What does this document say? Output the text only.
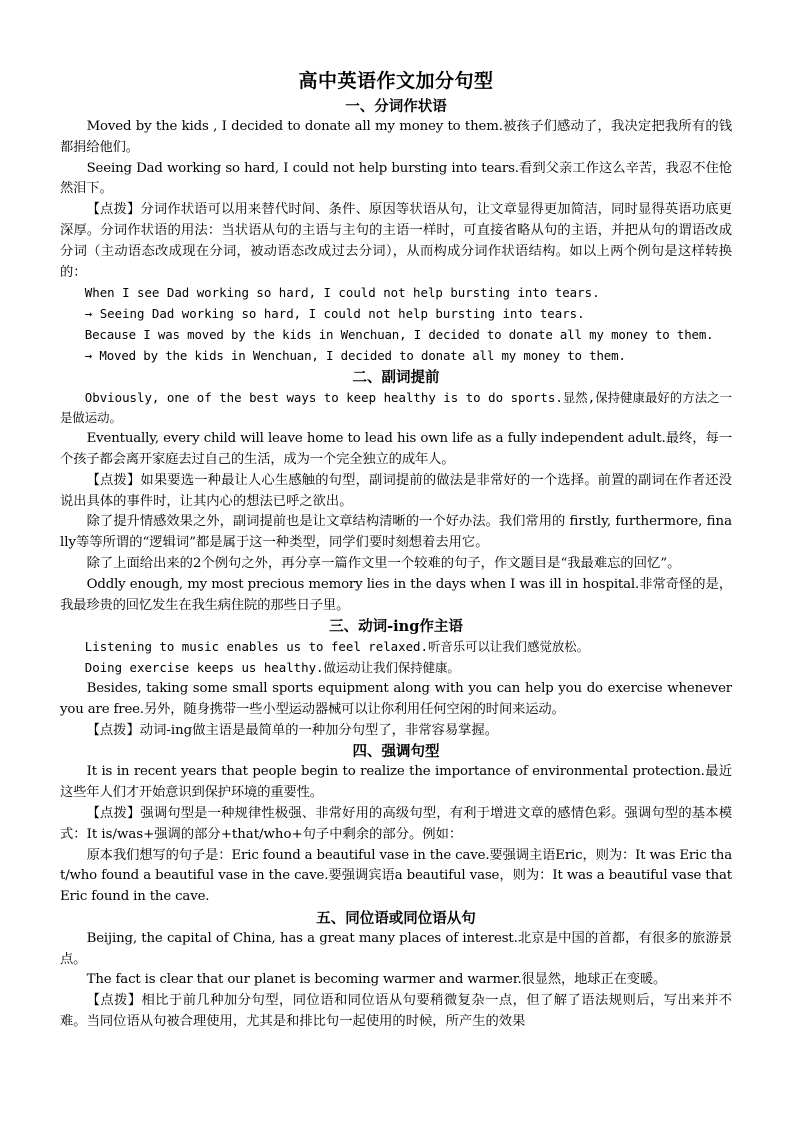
高中英语作文加分句型
一、分词作状语

Moved by the kids , I decided to donate all my money to them.被孩子们感动了，我决定把我所有的钱都捐给他们。

Seeing Dad working so hard, I could not help bursting into tears.看到父亲工作这么辛苦，我忍不住怆然泪下。

【点拨】分词作状语可以用来替代时间、条件、原因等状语从句，让文章显得更加简洁，同时显得英语功底更深厚。分词作状语的用法：当状语从句的主语与主句的主语一样时，可直接省略从句的主语，并把从句的谓语改成分词（主动语态改成现在分词，被动语态改成过去分词），从而构成分词作状语结构。如以上两个例句是这样转换的：

When I see Dad working so hard, I could not help bursting into tears.

→ Seeing Dad working so hard, I could not help bursting into tears.

Because I was moved by the kids in Wenchuan, I decided to donate all my money to them.

→ Moved by the kids in Wenchuan, I decided to donate all my money to them.

二、副词提前

Obviously, one of the best ways to keep healthy is to do sports.显然,保持健康最好的方法之一是做运动。

Eventually, every child will leave home to lead his own life as a fully independent adult.最终，每一个孩子都会离开家庭去过自己的生活，成为一个完全独立的成年人。

【点拨】如果要选一种最让人心生感触的句型，副词提前的做法是非常好的一个选择。前置的副词在作者还没说出具体的事件时，让其内心的想法已呼之欲出。

除了提升情感效果之外，副词提前也是让文章结构清晰的一个好办法。我们常用的 firstly, furthermore, finally等等所谓的“逻辑词”都是属于这一种类型，同学们要时刻想着去用它。

除了上面给出来的2个例句之外，再分享一篇作文里一个较难的句子，作文题目是“我最难忘的回忆”。

Oddly enough, my most precious memory lies in the days when I was ill in hospital.非常奇怪的是，我最珍贵的回忆发生在我生病住院的那些日子里。

三、动词-ing作主语

Listening to music enables us to feel relaxed.听音乐可以让我们感觉放松。

Doing exercise keeps us healthy.做运动让我们保持健康。

Besides, taking some small sports equipment along with you can help you do exercise whenever you are free.另外，随身携带一些小型运动器械可以让你利用任何空闲的时间来运动。

【点拨】动词-ing做主语是最简单的一种加分句型了，非常容易掌握。

四、强调句型

It is in recent years that people begin to realize the importance of environmental protection.最近这些年人们才开始意识到保护环境的重要性。

【点拨】强调句型是一种规律性极强、非常好用的高级句型，有利于增进文章的感情色彩。强调句型的基本模式：It is/was+强调的部分+that/who+句子中剩余的部分。例如：

原本我们想写的句子是：Eric found a beautiful vase in the cave.要强调主语Eric，则为：It was Eric that/who found a beautiful vase in the cave.要强调宾语a beautiful vase，则为：It was a beautiful vase that Eric found in the cave.

五、同位语或同位语从句

Beijing, the capital of China, has a great many places of interest.北京是中国的首都，有很多的旅游景点。

The fact is clear that our planet is becoming warmer and warmer.很显然，地球正在变暖。

【点拨】相比于前几种加分句型，同位语和同位语从句要稍微复杂一点，但了解了语法规则后，写出来并不难。当同位语从句被合理使用，尤其是和排比句一起使用的时候，所产生的效果
